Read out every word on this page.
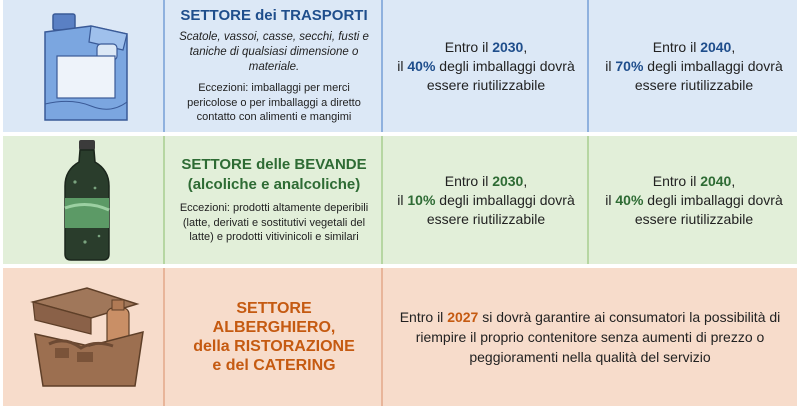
SETTORE dei TRASPORTI
Scatole, vassoi, casse, secchi, fusti e taniche di qualsiasi dimensione o materiale.
Eccezioni: imballaggi per merci pericolose o per imballaggi a diretto contatto con alimenti e mangimi
Entro il 2030,
il 40% degli imballaggi dovrà essere riutilizzabile
Entro il 2040,
il 70% degli imballaggi dovrà essere riutilizzabile
SETTORE delle BEVANDE
(alcoliche e analcoliche)
Eccezioni: prodotti altamente deperibili (latte, derivati e sostitutivi vegetali del latte) e prodotti vitivinicoli e similari
Entro il 2030,
il 10% degli imballaggi dovrà essere riutilizzabile
Entro il 2040,
il 40% degli imballaggi dovrà essere riutilizzabile
SETTORE
ALBERGHIERO,
della RISTORAZIONE
e del CATERING
Entro il 2027 si dovrà garantire ai consumatori la possibilità di riempire il proprio contenitore senza aumenti di prezzo o peggioramenti nella qualità del servizio
